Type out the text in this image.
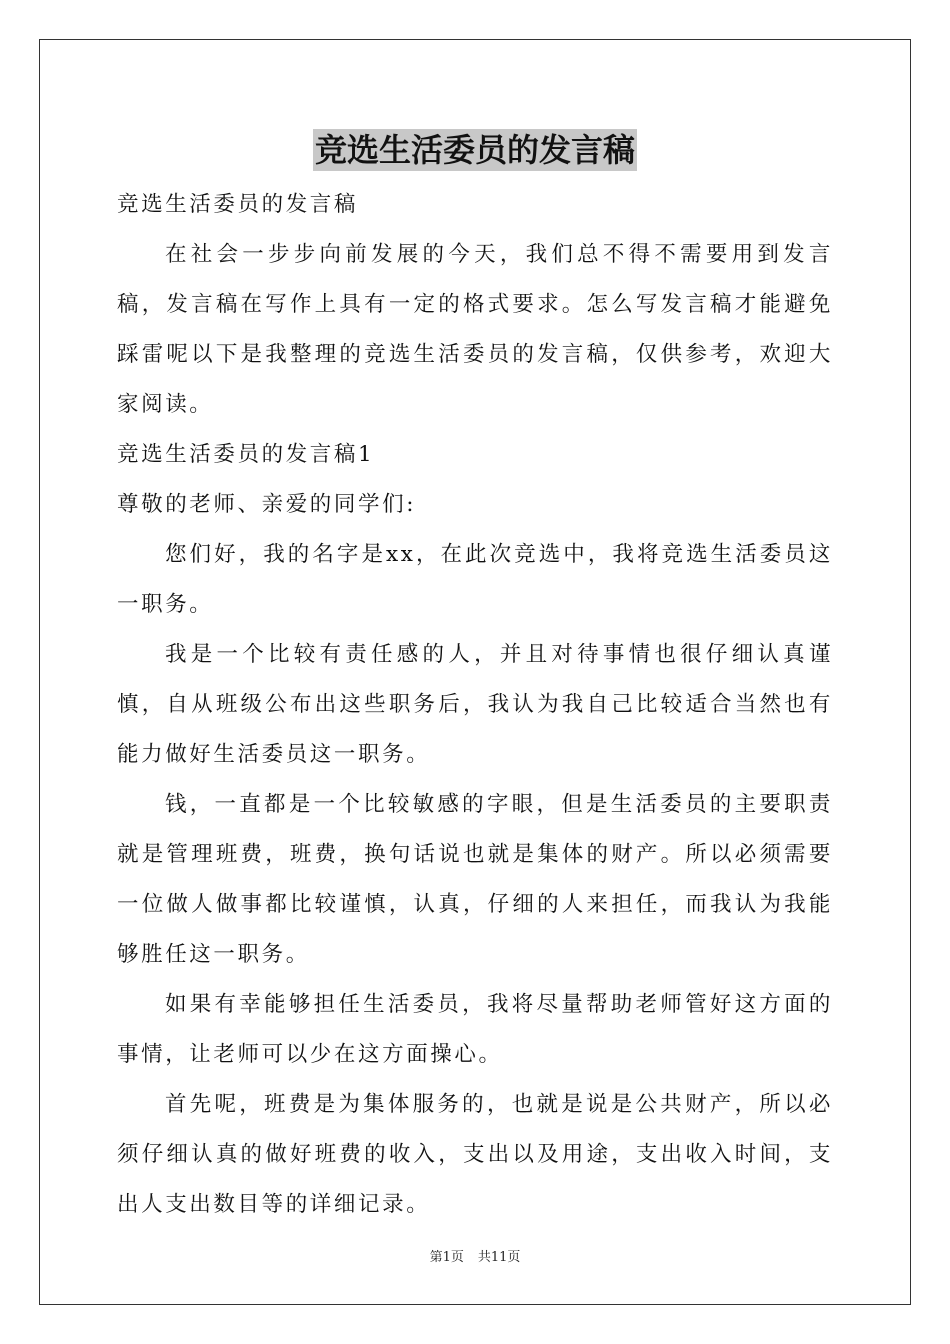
竞选生活委员的发言稿

竞选生活委员的发言稿

在社会一步步向前发展的今天，我们总不得不需要用到发言稿，发言稿在写作上具有一定的格式要求。怎么写发言稿才能避免踩雷呢以下是我整理的竞选生活委员的发言稿，仅供参考，欢迎大家阅读。

竞选生活委员的发言稿1

尊敬的老师、亲爱的同学们:

您们好，我的名字是xx，在此次竞选中，我将竞选生活委员这一职务。

我是一个比较有责任感的人，并且对待事情也很仔细认真谨慎，自从班级公布出这些职务后，我认为我自己比较适合当然也有能力做好生活委员这一职务。

钱，一直都是一个比较敏感的字眼，但是生活委员的主要职责就是管理班费，班费，换句话说也就是集体的财产。所以必须需要一位做人做事都比较谨慎，认真，仔细的人来担任，而我认为我能够胜任这一职务。

如果有幸能够担任生活委员，我将尽量帮助老师管好这方面的事情，让老师可以少在这方面操心。

首先呢，班费是为集体服务的，也就是说是公共财产，所以必须仔细认真的做好班费的收入，支出以及用途，支出收入时间，支出人支出数目等的详细记录。

第1页 共11页
